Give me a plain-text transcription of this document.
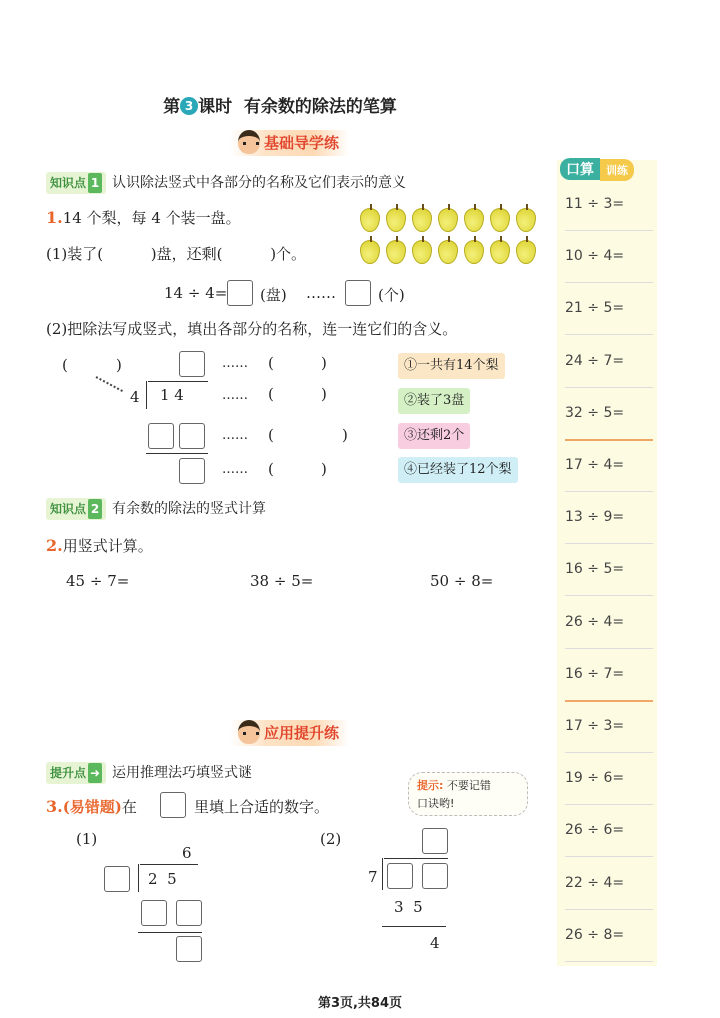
第 3 课时 有余数的除法的笔算
基础导学练
知识点 1 认识除法竖式中各部分的名称及它们表示的意义
1.14 个梨，每 4 个装一盘。
(1)装了(	)盘，还剩(	)个。
14 ÷ 4= (盘) ……	(个)
(2)把除法写成竖式，填出各部分的名称，连一连它们的含义。
(	)	…… (	)
4 1 4	…… (	)
…… (	)
…… (	)
①一共有14个梨
②装了3盘
③还剩2个
④已经装了12个梨
知识点 2 有余数的除法的竖式计算
2.用竖式计算。
45 ÷ 7=	38 ÷ 5=	50 ÷ 8=
应用提升练
提升点 ➜ 运用推理法巧填竖式谜
提示: 不要记错
口诀哟!
3.(易错题)在	里填上合适的数字。
(1)
6
2  5
(2)
7
3  5
4
口算 训练
11 ÷ 3=
10 ÷ 4=
21 ÷ 5=
24 ÷ 7=
32 ÷ 5=
17 ÷ 4=
13 ÷ 9=
16 ÷ 5=
26 ÷ 4=
16 ÷ 7=
17 ÷ 3=
19 ÷ 6=
26 ÷ 6=
22 ÷ 4=
26 ÷ 8=
第3页,共84页
